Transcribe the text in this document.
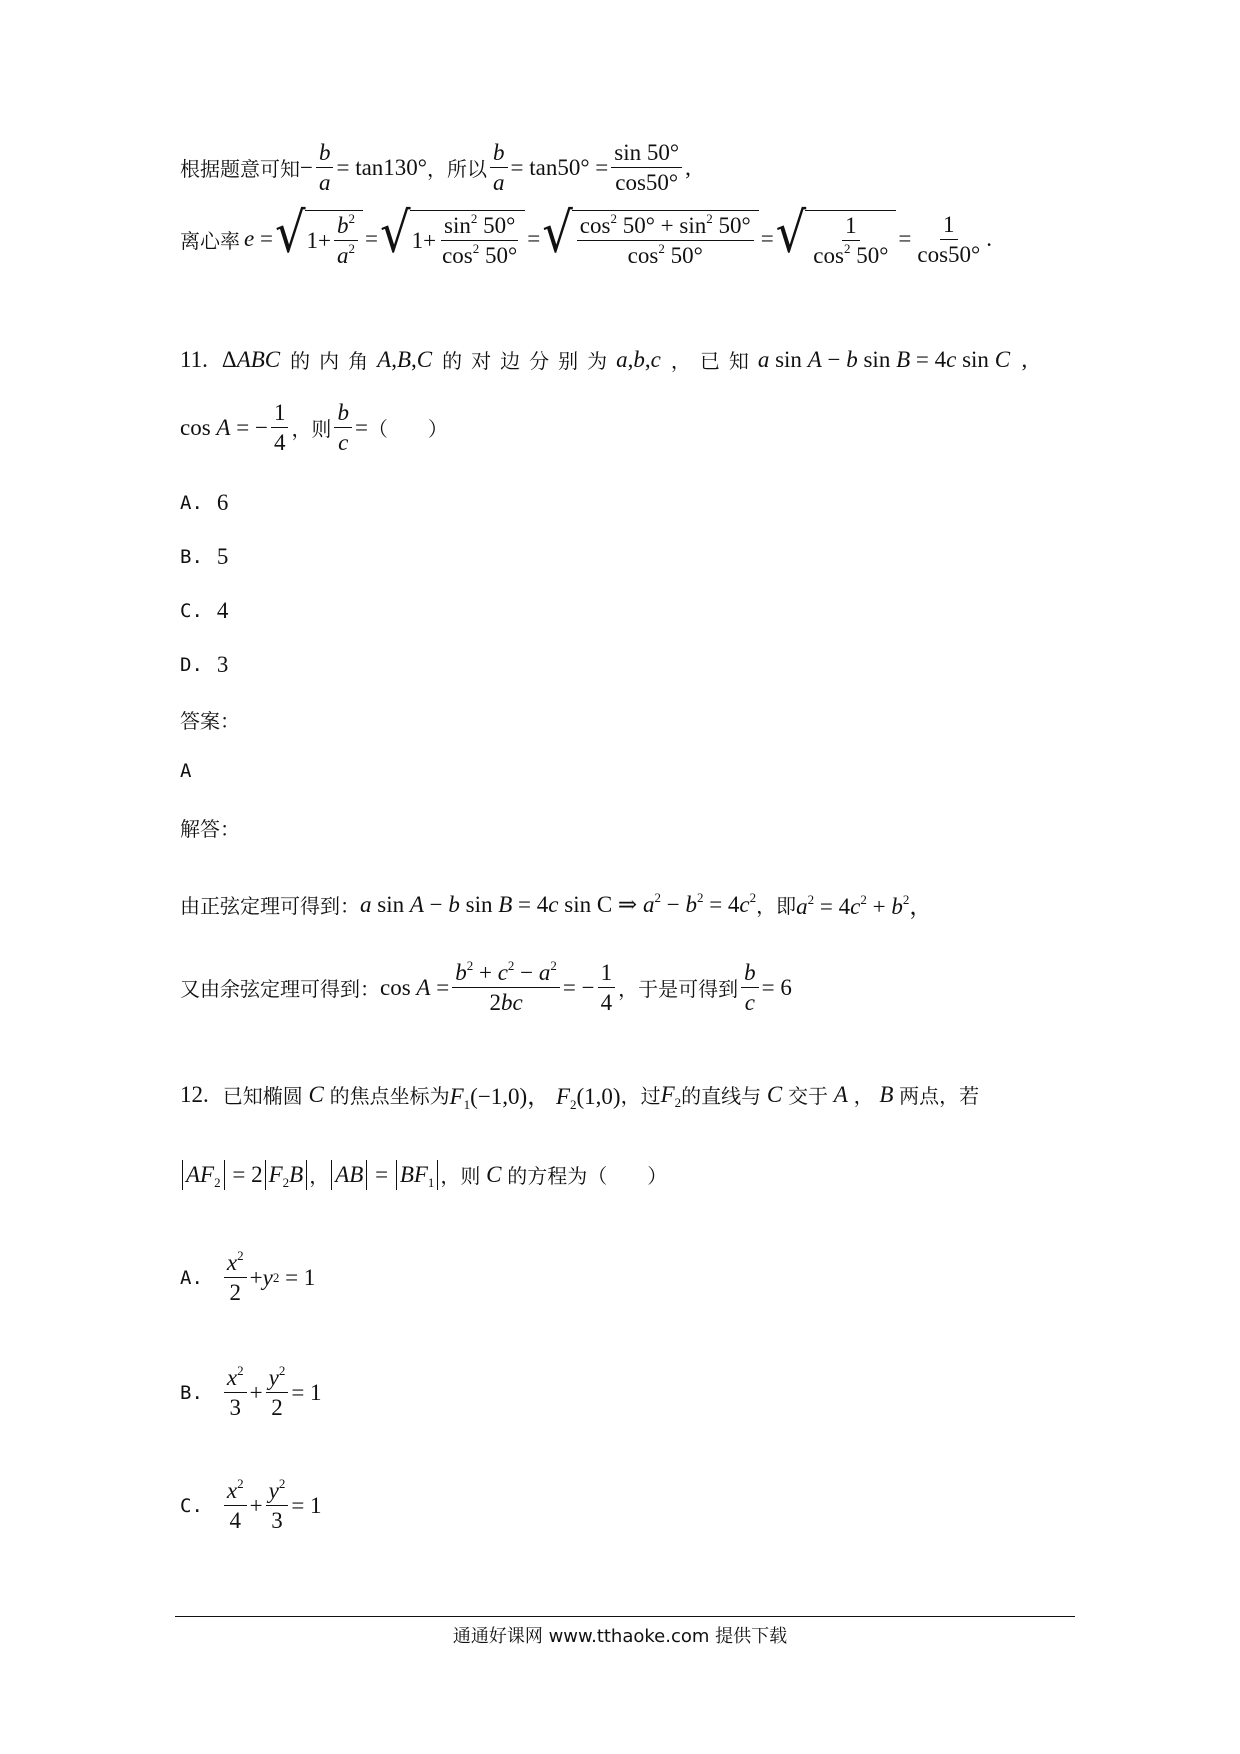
根据题意可知 − $\frac{b}{a} = \tan 130^\circ$ ，所以 $\frac{b}{a} = \tan 50^\circ = \frac{\sin 50^\circ}{\cos 50^\circ}$ ,
离心率 e = √ $1+ \frac{b^2}{a^2}$ = √ $1+ \frac{\sin^2 50^\circ}{\cos^2 50^\circ}$ = √ $\frac{\cos^2 50^\circ + \sin^2 50^\circ}{\cos^2 50^\circ}$ = √ $\frac{1}{\cos^2 50^\circ} = \frac{1}{\cos 50^\circ}$ .
11. ΔABC 的内角 A , B , C 的对边分别为 a , b , c ，已知 a sin A − b sin B = 4c sin C  ,
cos A = − $\frac{1}{4}$ ，则 $\frac{b}{c}$ = （　　）
A. 6
B. 5
C. 4
D. 3
答案：
A
解答：
由正弦定理可得到： a sin A − b sin B = 4c sin C ⇒ $a^2 - b^2 = 4c^2$ ，即 $a^2 = 4c^2 + b^2$，
又由余弦定理可得到： $\cos A = \frac{b^2 + c^2 - a^2}{2bc}$ = − $\frac{1}{4}$ ，于是可得到 $\frac{b}{c} = 6$
12. 已知椭圆 C 的焦点坐标为 $F_1(-1,0)$， $F_2(1,0)$ ，过 $F_2$ 的直线与 C 交于 A ， B 两点，若
$AF_2 = 2$ $F_2B$ ， AB = $BF_1$ ，则 C 的方程为（　　）
A. $\frac{x^2}{2} + y$ 2 = 1
B. $\frac{x^2}{3} + \frac{y^2}{2} = 1$
C. $\frac{x^2}{4} + \frac{y^2}{3} = 1$
通通好课网 www.tthaoke.com 提供下载
